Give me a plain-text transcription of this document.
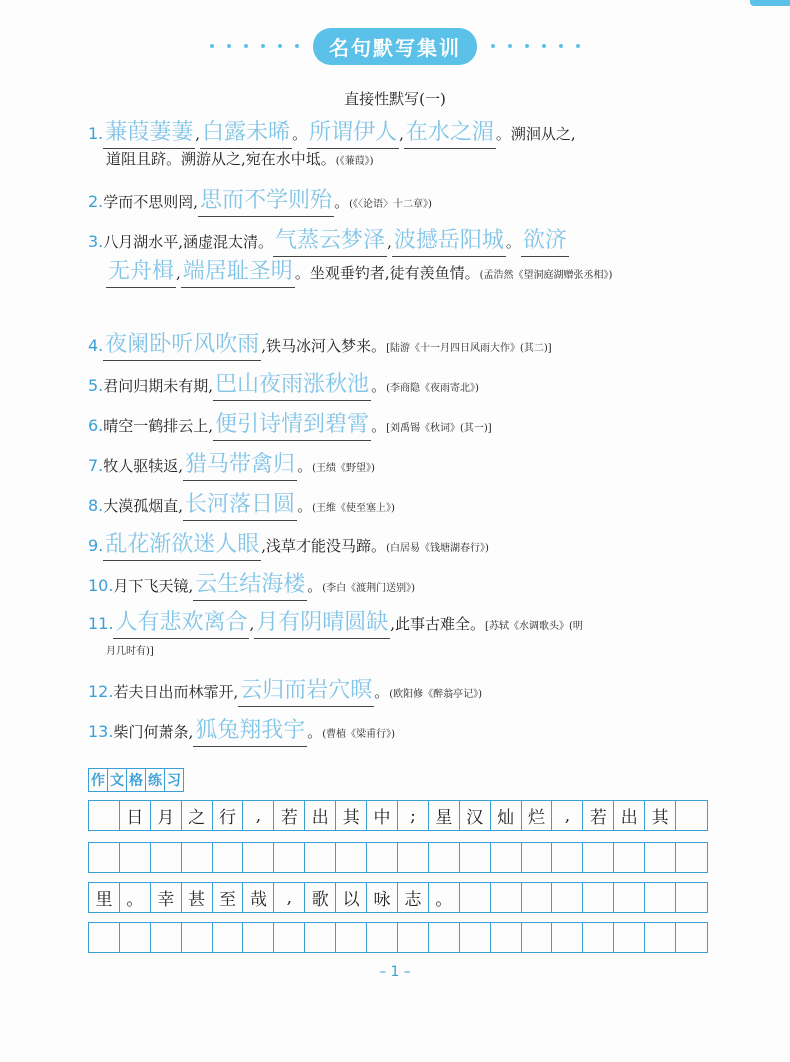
名句默写集训
直接性默写(一)
1.蒹葭萋萋 ,白露未晞 。所谓伊人 ,在水之湄 。溯洄从之,
道阻且跻。溯游从之,宛在水中坻。(《蒹葭》)
2.学而不思则罔,思而不学则殆 。(《〈论语〉十二章》)
3.八月湖水平,涵虚混太清。气蒸云梦泽 ,波撼岳阳城 。欲济
无舟楫 ,端居耻圣明 。坐观垂钓者,徒有羡鱼情。(孟浩然《望洞庭湖赠张丞相》)
4.夜阑卧听风吹雨 ,铁马冰河入梦来。[陆游《十一月四日风雨大作》(其二)]
5.君问归期未有期,巴山夜雨涨秋池 。(李商隐《夜雨寄北》)
6.晴空一鹤排云上,便引诗情到碧霄 。[刘禹锡《秋词》(其一)]
7.牧人驱犊返,猎马带禽归 。(王绩《野望》)
8.大漠孤烟直,长河落日圆 。(王维《使至塞上》)
9.乱花渐欲迷人眼 ,浅草才能没马蹄。(白居易《钱塘湖春行》)
10.月下飞天镜,云生结海楼 。(李白《渡荆门送别》)
11.人有悲欢离合 ,月有阴晴圆缺 ,此事古难全。[苏轼《水调歌头》(明
月几时有)]
12.若夫日出而林霏开,云归而岩穴暝 。(欧阳修《醉翁亭记》)
13.柴门何萧条,狐兔翔我宇 。(曹植《梁甫行》)
作 文 格 练 习
日 月 之 行	,	若 出 其 中	;	星 汉 灿 烂	,	若 出 其
里 。 幸 甚 至 哉	,	歌 以 咏 志 。
– 1 –
